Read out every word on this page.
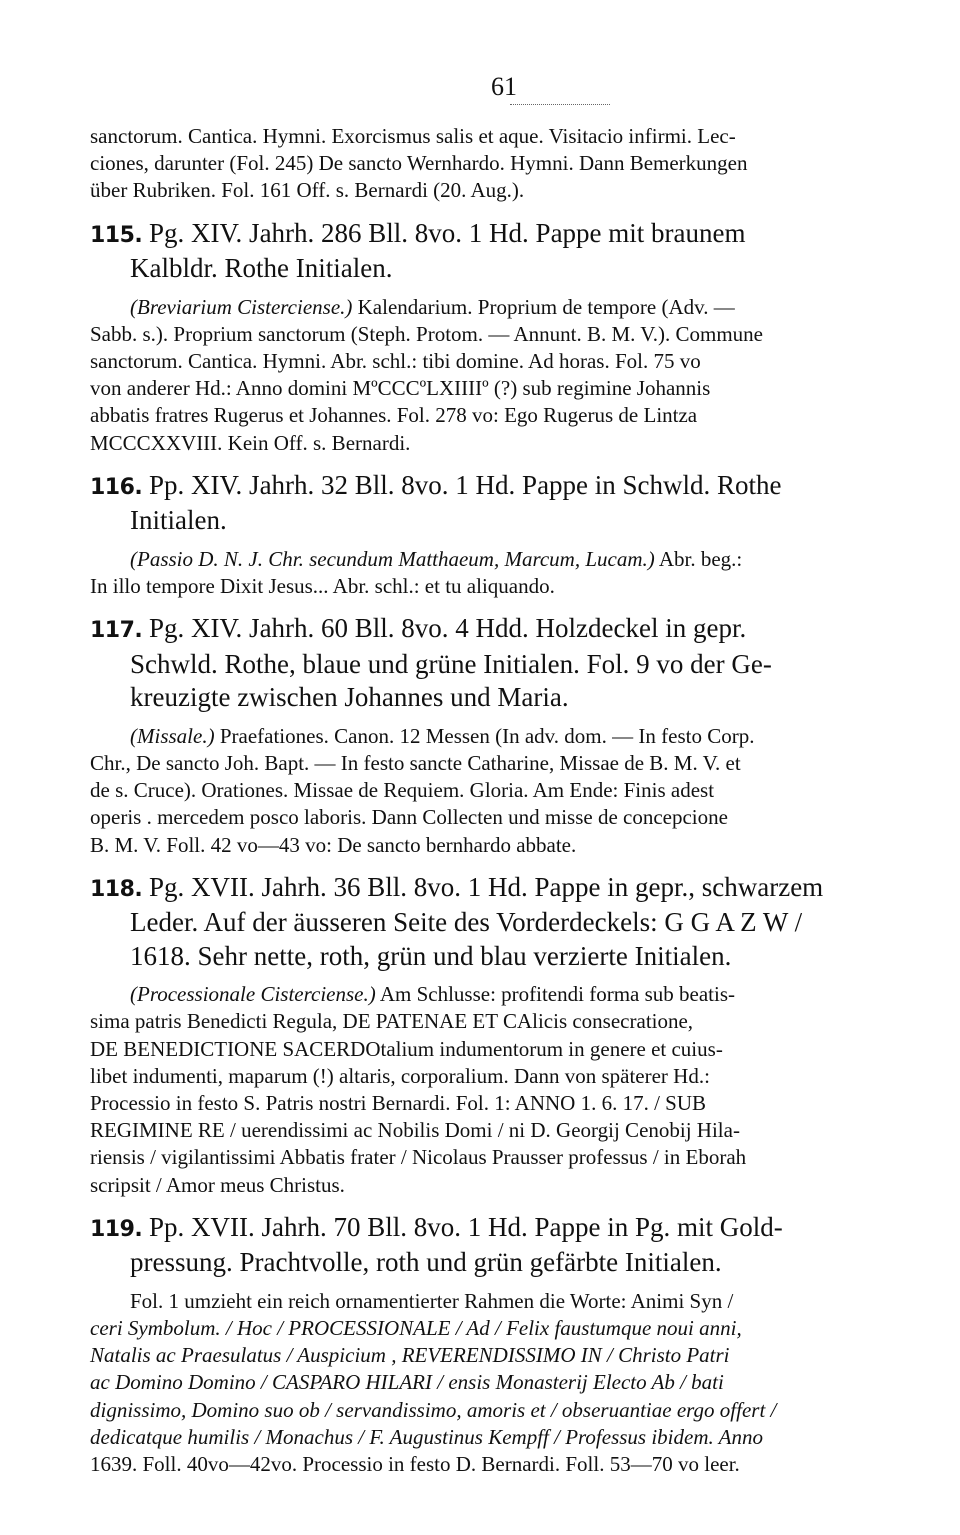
61

sanctorum. Cantica. Hymni. Exorcismus salis et aque. Visitacio infirmi. Lec-

ciones, darunter (Fol. 245) De sancto Wernhardo. Hymni. Dann Bemerkungen

über Rubriken. Fol. 161 Off. s. Bernardi (20. Aug.).

115. Pg. XIV. Jahrh. 286 Bll. 8vo. 1 Hd. Pappe mit braunem
Kalbldr. Rothe Initialen.

(Breviarium Cisterciense.) Kalendarium. Proprium de tempore (Adv. —

Sabb. s.). Proprium sanctorum (Steph. Protom. — Annunt. B. M. V.). Commune

sanctorum. Cantica. Hymni. Abr. schl.: tibi domine. Ad horas. Fol. 75 vo

von anderer Hd.: Anno domini MºCCCºLXIIIIº (?) sub regimine Johannis

abbatis fratres Rugerus et Johannes. Fol. 278 vo: Ego Rugerus de Lintza

MCCCXXVIII. Kein Off. s. Bernardi.

116. Pp. XIV. Jahrh. 32 Bll. 8vo. 1 Hd. Pappe in Schwld. Rothe
Initialen.

(Passio D. N. J. Chr. secundum Matthaeum, Marcum, Lucam.) Abr. beg.:

In illo tempore Dixit Jesus... Abr. schl.: et tu aliquando.

117. Pg. XIV. Jahrh. 60 Bll. 8vo. 4 Hdd. Holzdeckel in gepr.
Schwld. Rothe, blaue und grüne Initialen. Fol. 9 vo der Ge-
kreuzigte zwischen Johannes und Maria.

(Missale.) Praefationes. Canon. 12 Messen (In adv. dom. — In festo Corp.

Chr., De sancto Joh. Bapt. — In festo sancte Catharine, Missae de B. M. V. et

de s. Cruce). Orationes. Missae de Requiem. Gloria. Am Ende: Finis adest

operis . mercedem posco laboris. Dann Collecten und misse de concepcione

B. M. V. Foll. 42 vo—43 vo: De sancto bernhardo abbate.

118. Pg. XVII. Jahrh. 36 Bll. 8vo. 1 Hd. Pappe in gepr., schwarzem
Leder. Auf der äusseren Seite des Vorderdeckels: G G A Z W /
1618. Sehr nette, roth, grün und blau verzierte Initialen.

(Processionale Cisterciense.) Am Schlusse: profitendi forma sub beatis-

sima patris Benedicti Regula, DE PATENAE ET CAlicis consecratione,

DE BENEDICTIONE SACERDOtalium indumentorum in genere et cuius-

libet indumenti, maparum (!) altaris, corporalium. Dann von späterer Hd.:

Processio in festo S. Patris nostri Bernardi. Fol. 1: ANNO 1. 6. 17. / SUB

REGIMINE RE / uerendissimi ac Nobilis Domi / ni D. Georgij Cenobij Hila-

riensis / vigilantissimi Abbatis frater / Nicolaus Prausser professus / in Eborah

scripsit / Amor meus Christus.

119. Pp. XVII. Jahrh. 70 Bll. 8vo. 1 Hd. Pappe in Pg. mit Gold-
pressung. Prachtvolle, roth und grün gefärbte Initialen.

Fol. 1 umzieht ein reich ornamentierter Rahmen die Worte: Animi Syn /

ceri Symbolum. / Hoc / PROCESSIONALE / Ad / Felix faustumque noui anni,

Natalis ac Praesulatus / Auspicium , REVERENDISSIMO IN / Christo Patri

ac Domino Domino / CASPARO HILARI / ensis Monasterij Electo Ab / bati

dignissimo, Domino suo ob / servandissimo, amoris et / obseruantiae ergo offert /

dedicatque humilis / Monachus / F. Augustinus Kempff / Professus ibidem. Anno

1639. Foll. 40vo—42vo. Processio in festo D. Bernardi. Foll. 53—70 vo leer.
